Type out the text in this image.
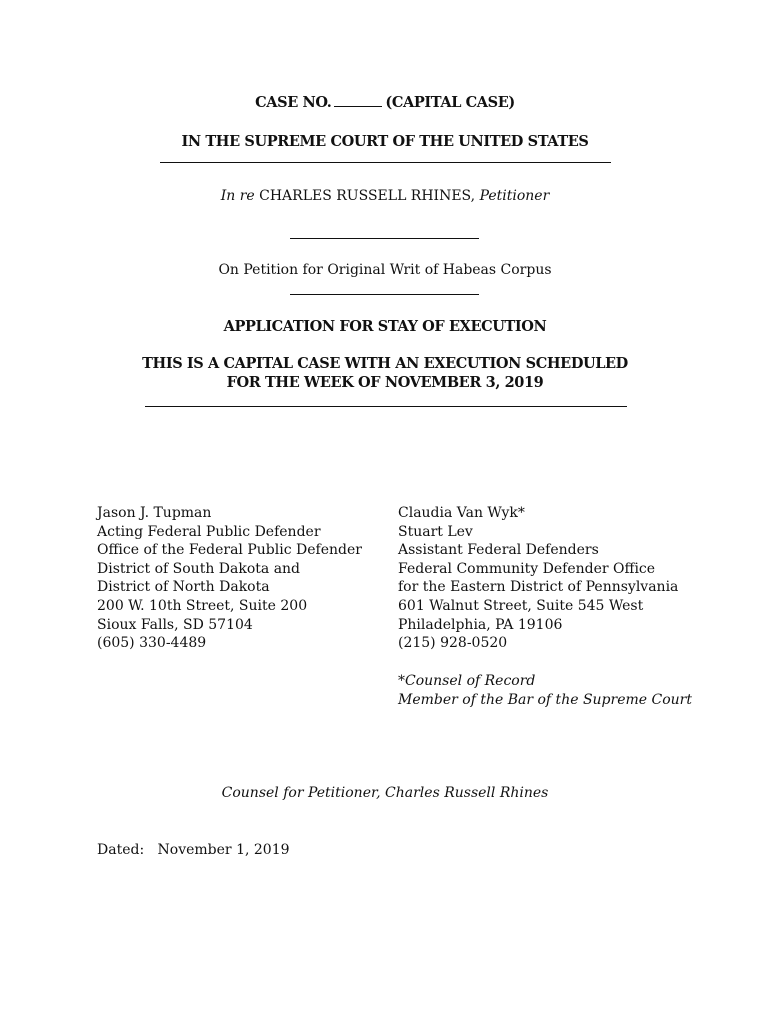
CASE NO.	(CAPITAL CASE)
IN THE SUPREME COURT OF THE UNITED STATES
In re CHARLES RUSSELL RHINES, Petitioner
On Petition for Original Writ of Habeas Corpus
APPLICATION FOR STAY OF EXECUTION
THIS IS A CAPITAL CASE WITH AN EXECUTION SCHEDULED
FOR THE WEEK OF NOVEMBER 3, 2019
Jason J. Tupman
Acting Federal Public Defender
Office of the Federal Public Defender
District of South Dakota and
District of North Dakota
200 W. 10th Street, Suite 200
Sioux Falls, SD 57104
(605) 330-4489
Claudia Van Wyk*
Stuart Lev
Assistant Federal Defenders
Federal Community Defender Office
for the Eastern District of Pennsylvania
601 Walnut Street, Suite 545 West
Philadelphia, PA 19106
(215) 928-0520
*Counsel of Record
Member of the Bar of the Supreme Court
Counsel for Petitioner, Charles Russell Rhines
Dated: November 1, 2019
